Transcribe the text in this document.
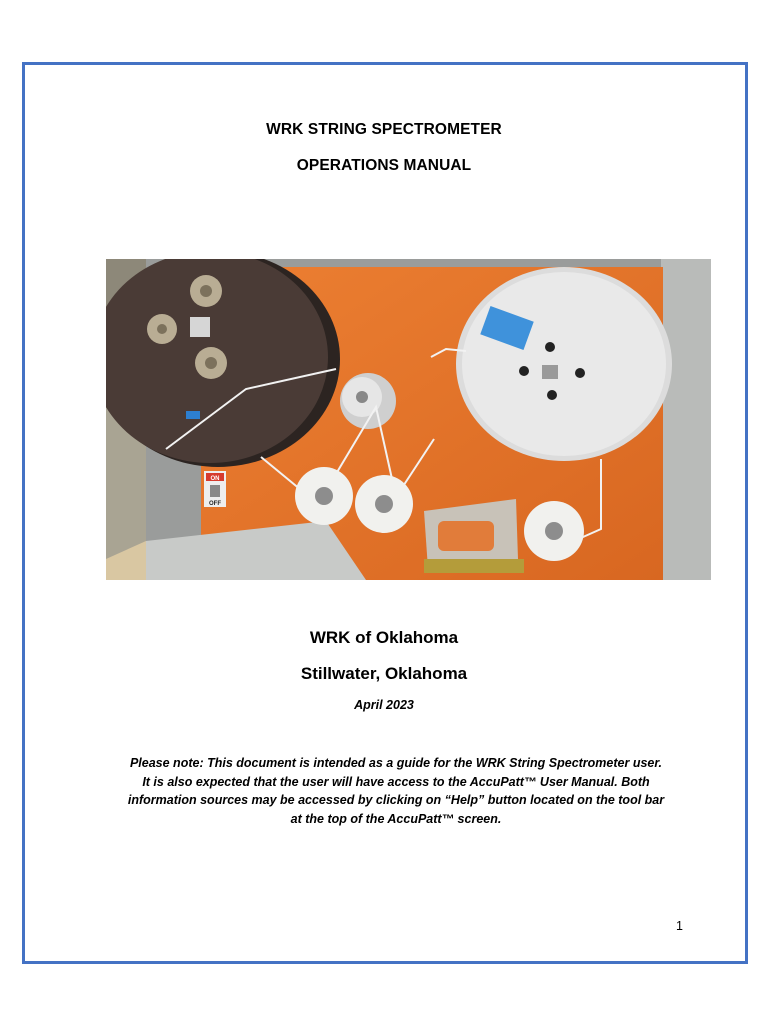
WRK STRING SPECTROMETER
OPERATIONS MANUAL
ON
OFF
WRK of Oklahoma
Stillwater, Oklahoma
April 2023
Please note: This document is intended as a guide for the WRK String Spectrometer user.
It is also expected that the user will have access to the AccuPatt™ User Manual. Both
information sources may be accessed by clicking on “Help” button located on the tool bar
at the top of the AccuPatt™ screen.
1
